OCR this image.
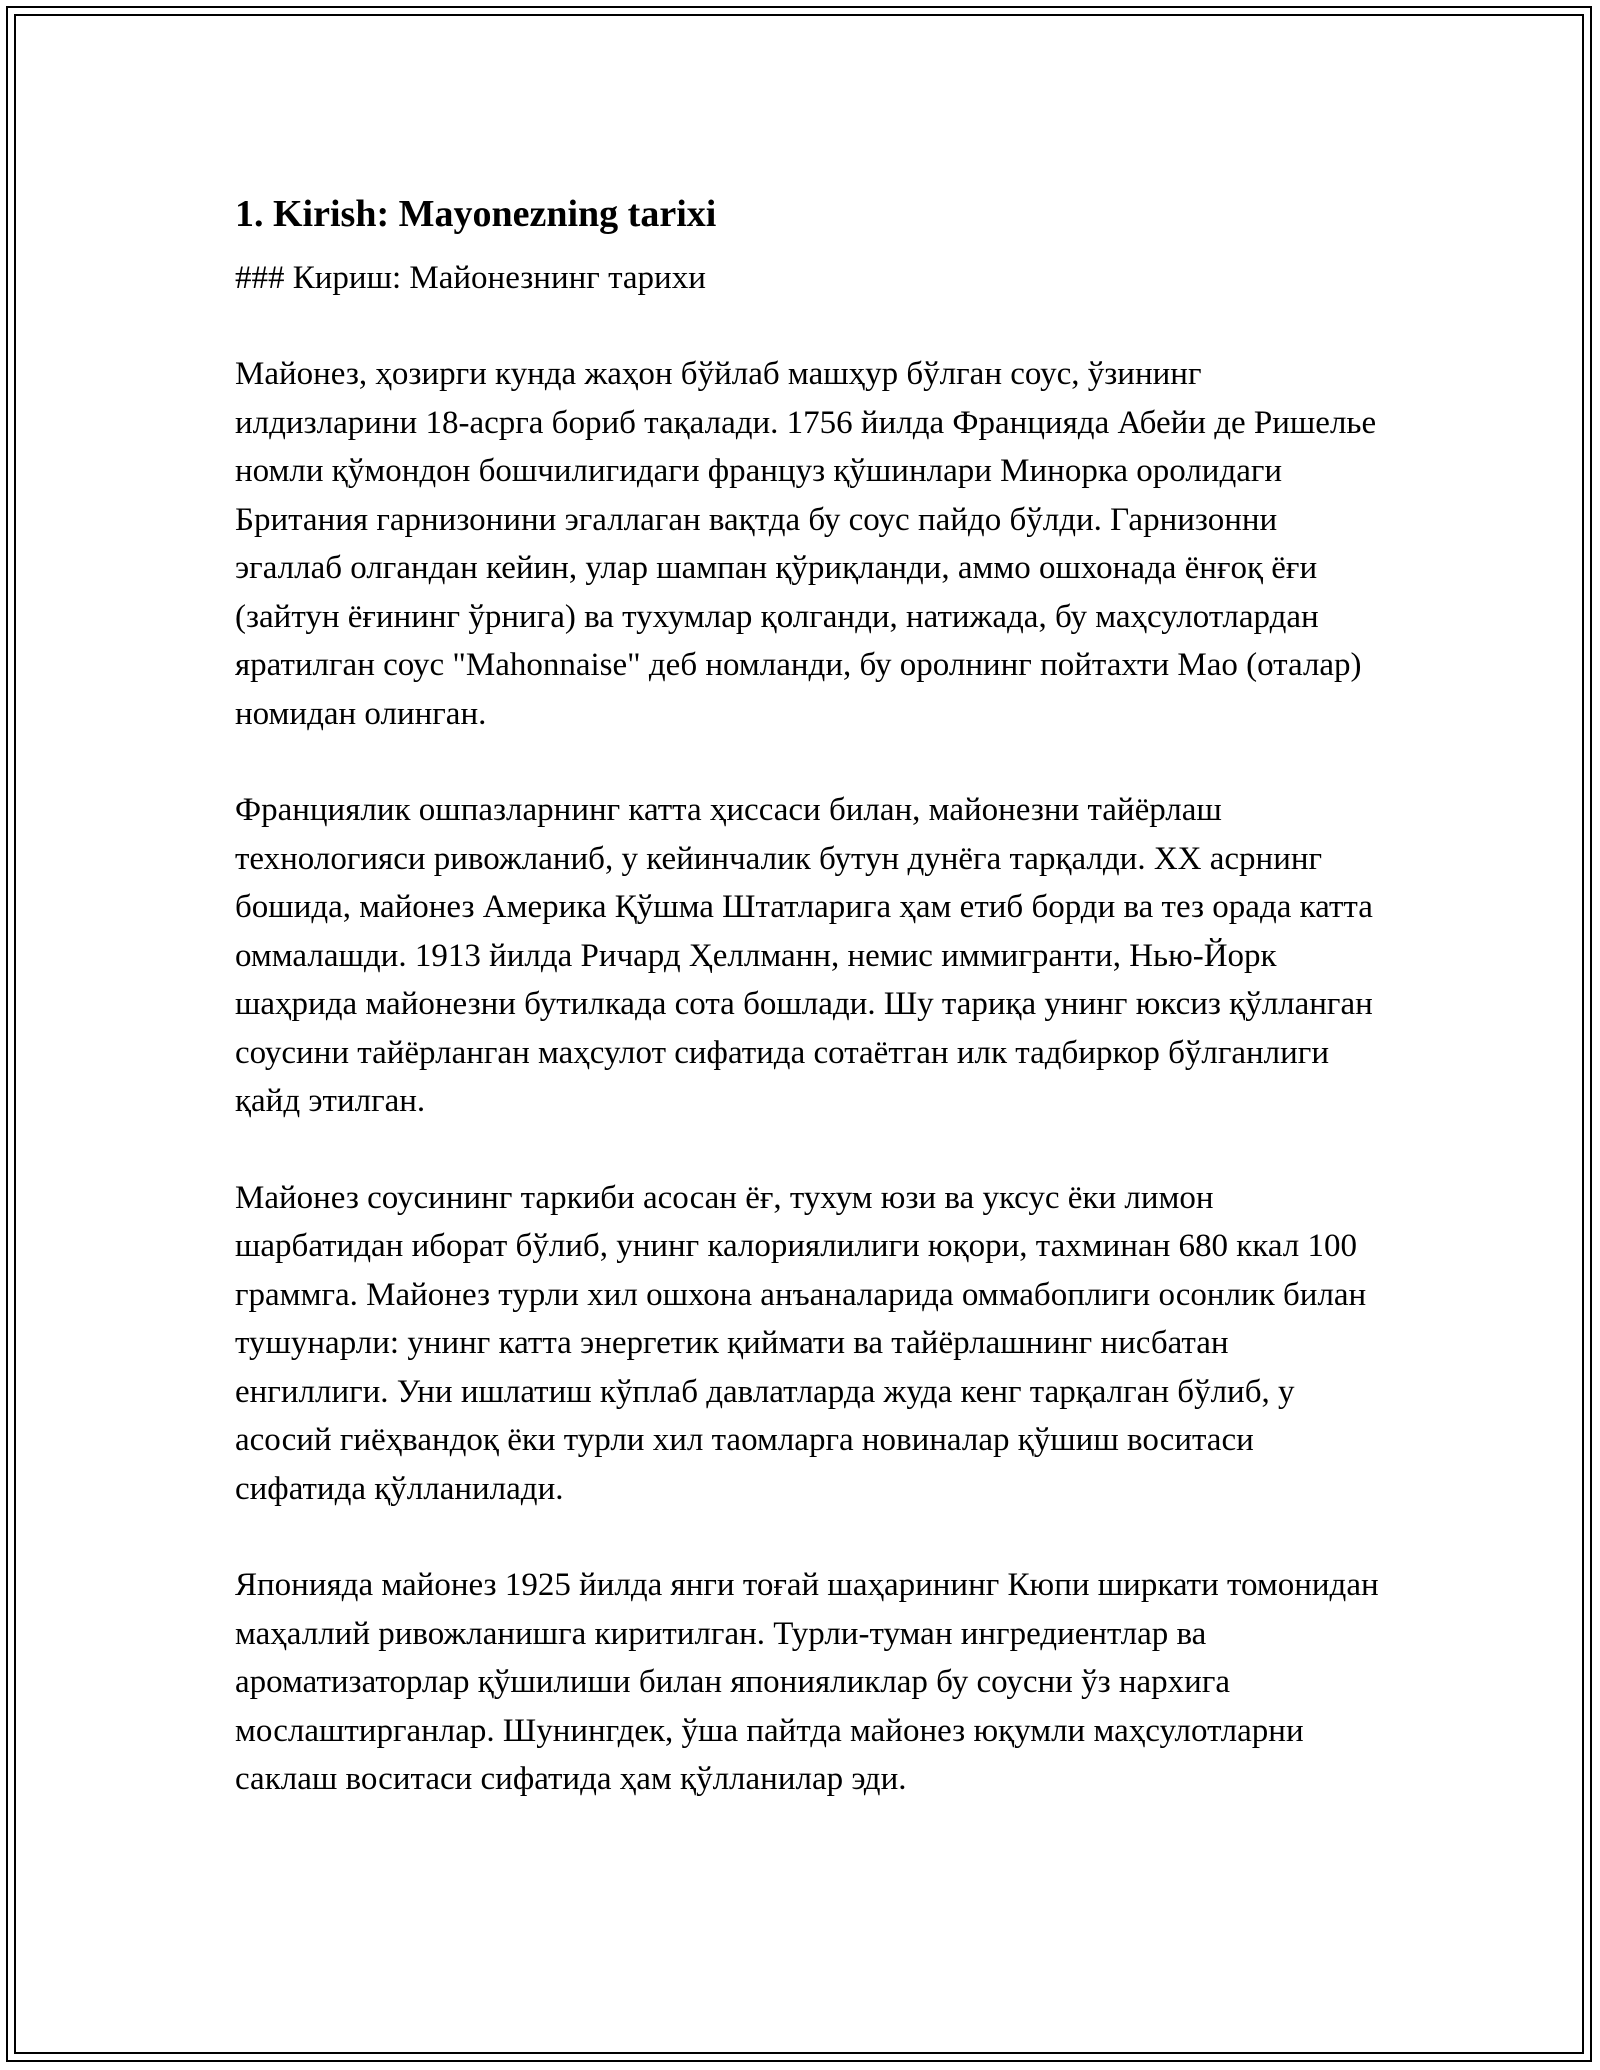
1. Kirish: Mayonezning tarixi

### Кириш: Майонезнинг тарихи

Майонез, ҳозирги кунда жаҳон бўйлаб машҳур бўлган соус, ўзининг илдизларини 18-асрга бориб тақалади. 1756 йилда Францияда Абейи де Ришелье номли қўмондон бошчилигидаги француз қўшинлари Минорка оролидаги Британия гарнизонини эгаллаган вақтда бу соус пайдо бўлди. Гарнизонни эгаллаб олгандан кейин, улар шампан қўриқланди, аммо ошхонада ёнғоқ ёғи (зайтун ёғининг ўрнига) ва тухумлар қолганди, натижада, бу маҳсулотлардан яратилган соус "Mahonnaise" деб номланди, бу оролнинг пойтахти Мао (оталар) номидан олинган.

Франциялик ошпазларнинг катта ҳиссаси билан, майонезни тайёрлаш технологияси ривожланиб, у кейинчалик бутун дунёга тарқалди. XX асрнинг бошида, майонез Америка Қўшма Штатларига ҳам етиб борди ва тез орада катта оммалашди. 1913 йилда Ричард Ҳеллманн, немис иммигранти, Нью-Йорк шаҳрида майонезни бутилкада сота бошлади. Шу тариқа унинг юксиз қўлланган соусини тайёрланган маҳсулот сифатида сотаётган илк тадбиркор бўлганлиги қайд этилган.

Майонез соусининг таркиби асосан ёғ, тухум юзи ва уксус ёки лимон шарбатидан иборат бўлиб, унинг калориялилиги юқори, тахминан 680 ккал 100 граммга. Майонез турли хил ошхона анъаналарида оммабоплиги осонлик билан тушунарли: унинг катта энергетик қиймати ва тайёрлашнинг нисбатан енгиллиги. Уни ишлатиш кўплаб давлатларда жуда кенг тарқалган бўлиб, у асосий гиёҳвандоқ ёки турли хил таомларга новиналар қўшиш воситаси сифатида қўлланилади.

Японияда майонез 1925 йилда янги тоғай шаҳарининг Кюпи ширкати томонидан маҳаллий ривожланишга киритилган. Турли-туман ингредиентлар ва ароматизаторлар қўшилиши билан японияликлар бу соусни ўз нархига мослаштирганлар. Шунингдек, ўша пайтда майонез юқумли маҳсулотларни саклаш воситаси сифатида ҳам қўлланилар эди.
